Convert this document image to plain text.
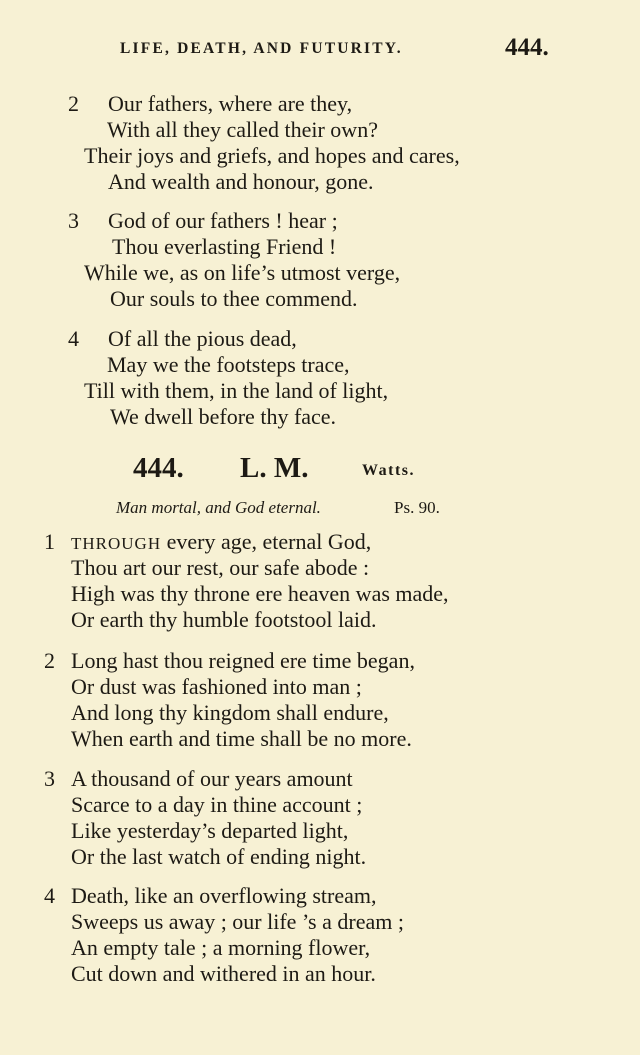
LIFE, DEATH, AND FUTURITY.	444.
2 Our fathers, where are they,
With all they called their own?
Their joys and griefs, and hopes and cares,
And wealth and honour, gone.
3 God of our fathers ! hear ;
Thou everlasting Friend !
While we, as on life’s utmost verge,
Our souls to thee commend.
4 Of all the pious dead,
May we the footsteps trace,
Till with them, in the land of light,
We dwell before thy face.
444. L. M.	Watts.
Man mortal, and God eternal.	Ps. 90.
1 THROUGH every age, eternal God,
Thou art our rest, our safe abode :
High was thy throne ere heaven was made,
Or earth thy humble footstool laid.
2 Long hast thou reigned ere time began,
Or dust was fashioned into man ;
And long thy kingdom shall endure,
When earth and time shall be no more.
3 A thousand of our years amount
Scarce to a day in thine account ;
Like yesterday’s departed light,
Or the last watch of ending night.
4 Death, like an overflowing stream,
Sweeps us away ; our life ’s a dream ;
An empty tale ; a morning flower,
Cut down and withered in an hour.
